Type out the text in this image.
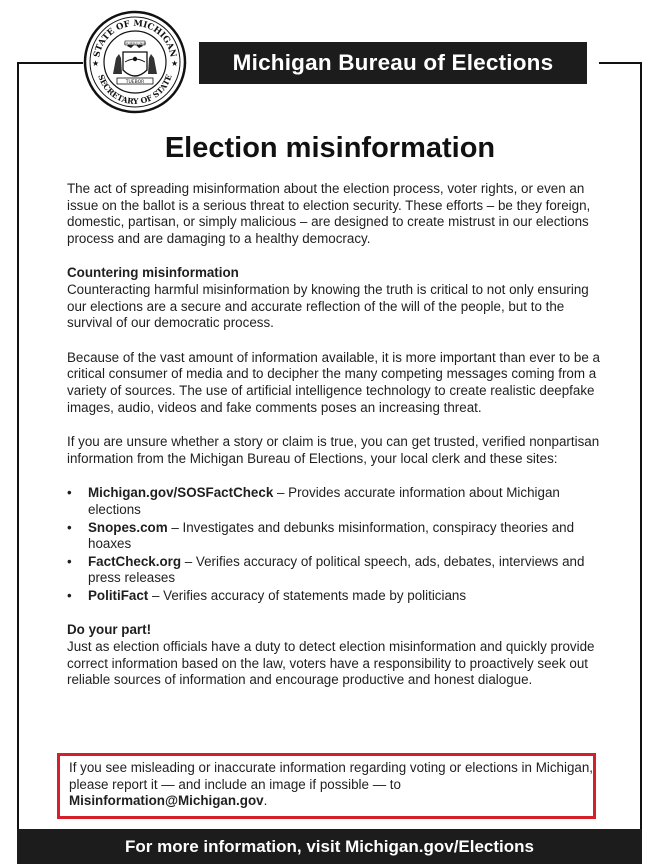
STATE OF MICHIGAN
SECRETARY OF STATE
TUEBOR
E PLURIBUS UNUM
★	★ Michigan Bureau of Elections
Election misinformation

The act of spreading misinformation about the election process, voter rights, or even an issue on the ballot is a serious threat to election security. These efforts – be they foreign, domestic, partisan, or simply malicious – are designed to create mistrust in our elections process and are damaging to a healthy democracy.

Countering misinformation

Counteracting harmful misinformation by knowing the truth is critical to not only ensuring our elections are a secure and accurate reflection of the will of the people, but to the survival of our democratic process.

Because of the vast amount of information available, it is more important than ever to be a critical consumer of media and to decipher the many competing messages coming from a variety of sources. The use of artificial intelligence technology to create realistic deepfake images, audio, videos and fake comments poses an increasing threat.

If you are unsure whether a story or claim is true, you can get trusted, verified nonpartisan information from the Michigan Bureau of Elections, your local clerk and these sites:

• Michigan.gov/SOSFactCheck – Provides accurate information about Michigan elections
• Snopes.com – Investigates and debunks misinformation, conspiracy theories and hoaxes
• FactCheck.org – Verifies accuracy of political speech, ads, debates, interviews and press releases
• PolitiFact – Verifies accuracy of statements made by politicians

Do your part!

Just as election officials have a duty to detect election misinformation and quickly provide correct information based on the law, voters have a responsibility to proactively seek out reliable sources of information and encourage productive and honest dialogue.

If you see misleading or inaccurate information regarding voting or elections in Michigan, please report it — and include an image if possible — to Misinformation@Michigan.gov.
For more information, visit Michigan.gov/Elections
